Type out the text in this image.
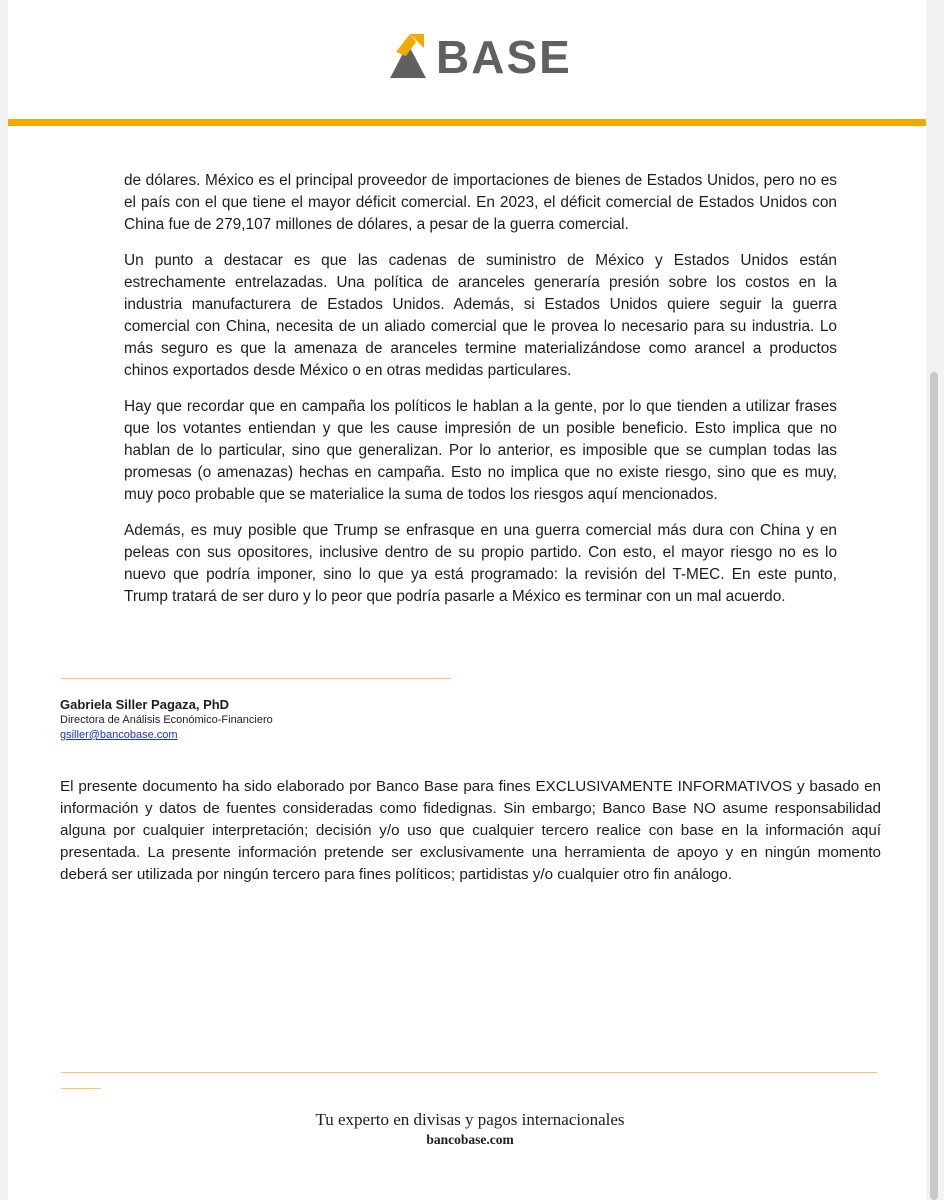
BASE

de dólares. México es el principal proveedor de importaciones de bienes de Estados Unidos, pero no es el país con el que tiene el mayor déficit comercial. En 2023, el déficit comercial de Estados Unidos con China fue de 279,107 millones de dólares, a pesar de la guerra comercial.

Un punto a destacar es que las cadenas de suministro de México y Estados Unidos están estrechamente entrelazadas. Una política de aranceles generaría presión sobre los costos en la industria manufacturera de Estados Unidos. Además, si Estados Unidos quiere seguir la guerra comercial con China, necesita de un aliado comercial que le provea lo necesario para su industria. Lo más seguro es que la amenaza de aranceles termine materializándose como arancel a productos chinos exportados desde México o en otras medidas particulares.

Hay que recordar que en campaña los políticos le hablan a la gente, por lo que tienden a utilizar frases que los votantes entiendan y que les cause impresión de un posible beneficio. Esto implica que no hablan de lo particular, sino que generalizan. Por lo anterior, es imposible que se cumplan todas las promesas (o amenazas) hechas en campaña. Esto no implica que no existe riesgo, sino que es muy, muy poco probable que se materialice la suma de todos los riesgos aquí mencionados.

Además, es muy posible que Trump se enfrasque en una guerra comercial más dura con China y en peleas con sus opositores, inclusive dentro de su propio partido. Con esto, el mayor riesgo no es lo nuevo que podría imponer, sino lo que ya está programado: la revisión del T-MEC. En este punto, Trump tratará de ser duro y lo peor que podría pasarle a México es terminar con un mal acuerdo.

Gabriela Siller Pagaza, PhD
Directora de Análisis Económico-Financiero
gsiller@bancobase.com
El presente documento ha sido elaborado por Banco Base para fines EXCLUSIVAMENTE INFORMATIVOS y basado en información y datos de fuentes consideradas como fidedignas. Sin embargo; Banco Base NO asume responsabilidad alguna por cualquier interpretación; decisión y/o uso que cualquier tercero realice con base en la información aquí presentada. La presente información pretende ser exclusivamente una herramienta de apoyo y en ningún momento deberá ser utilizada por ningún tercero para fines políticos; partidistas y/o cualquier otro fin análogo.
Tu experto en divisas y pagos internacionales
bancobase.com
